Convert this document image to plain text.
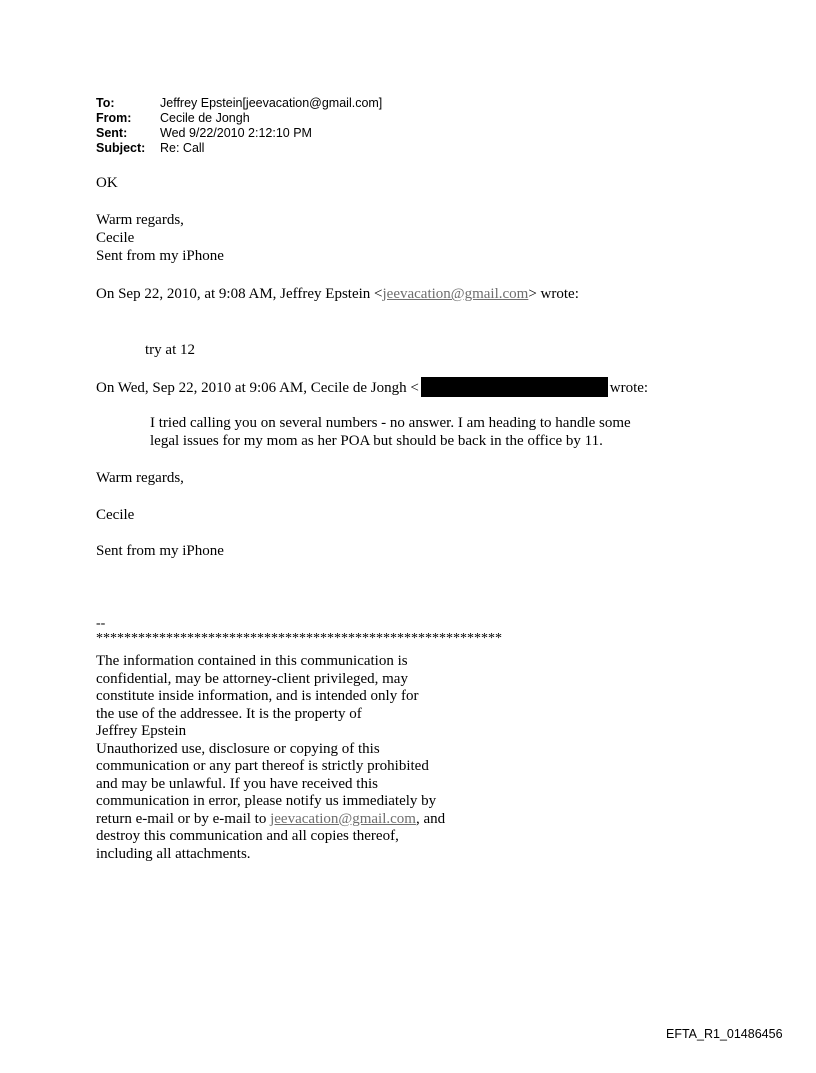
To:	Jeffrey Epstein[jeevacation@gmail.com]
From:	Cecile de Jongh
Sent:	Wed 9/22/2010 2:12:10 PM
Subject:	Re: Call
OK
Warm regards,
Cecile
Sent from my iPhone
On Sep 22, 2010, at 9:08 AM, Jeffrey Epstein <jeevacation@gmail.com> wrote:
try at 12
On Wed, Sep 22, 2010 at 9:06 AM, Cecile de Jongh <	wrote:
I tried calling you on several numbers - no answer. I am heading to handle some
legal issues for my mom as her POA but should be back in the office by 11.
Warm regards,
Cecile
Sent from my iPhone
--
**********************************************************
The information contained in this communication is
confidential, may be attorney-client privileged, may
constitute inside information, and is intended only for
the use of the addressee. It is the property of
Jeffrey Epstein
Unauthorized use, disclosure or copying of this
communication or any part thereof is strictly prohibited
and may be unlawful. If you have received this
communication in error, please notify us immediately by
return e-mail or by e-mail to jeevacation@gmail.com, and
destroy this communication and all copies thereof,
including all attachments.
EFTA_R1_01486456
